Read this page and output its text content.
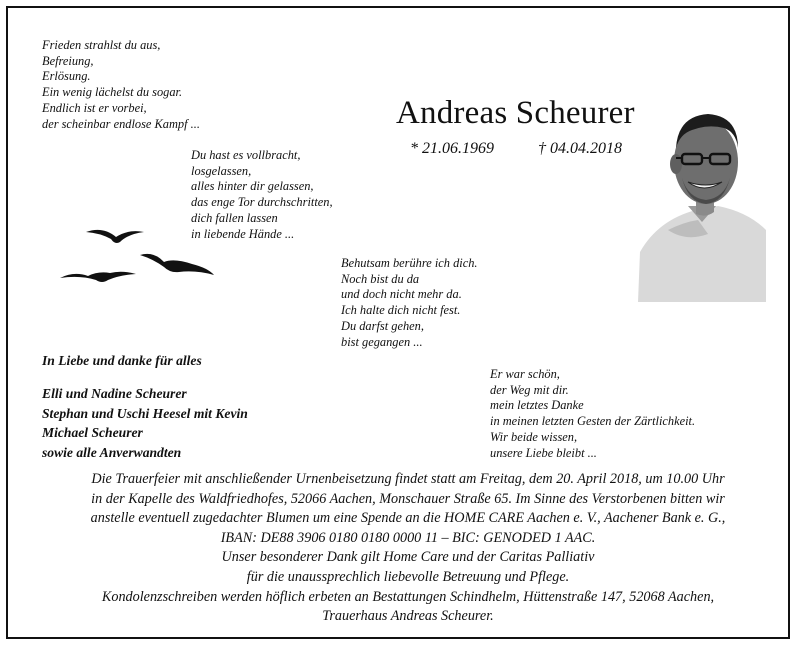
Frieden strahlst du aus,
Befreiung,
Erlösung.
Ein wenig lächelst du sogar.
Endlich ist er vorbei,
der scheinbar endlose Kampf ...
Du hast es vollbracht,
losgelassen,
alles hinter dir gelassen,
das enge Tor durchschritten,
dich fallen lassen
in liebende Hände ...
Andreas Scheurer
* 21.06.1969	† 04.04.2018
Behutsam berühre ich dich.
Noch bist du da
und doch nicht mehr da.
Ich halte dich nicht fest.
Du darfst gehen,
bist gegangen ...
In Liebe und danke für alles
Elli und Nadine Scheurer
Stephan und Uschi Heesel mit Kevin
Michael Scheurer
sowie alle Anverwandten
Er war schön,
der Weg mit dir.
mein letztes Danke
in meinen letzten Gesten der Zärtlichkeit.
Wir beide wissen,
unsere Liebe bleibt ...
Die Trauerfeier mit anschließender Urnenbeisetzung findet statt am Freitag, dem 20. April 2018, um 10.00 Uhr
in der Kapelle des Waldfriedhofes, 52066 Aachen, Monschauer Straße 65. Im Sinne des Verstorbenen bitten wir
anstelle eventuell zugedachter Blumen um eine Spende an die HOME CARE Aachen e. V., Aachener Bank e. G.,
IBAN: DE88 3906 0180 0180 0000 11 – BIC: GENODED 1 AAC.
Unser besonderer Dank gilt Home Care und der Caritas Palliativ
für die unaussprechlich liebevolle Betreuung und Pflege.
Kondolenzschreiben werden höflich erbeten an Bestattungen Schindhelm, Hüttenstraße 147, 52068 Aachen,
Trauerhaus Andreas Scheurer.
